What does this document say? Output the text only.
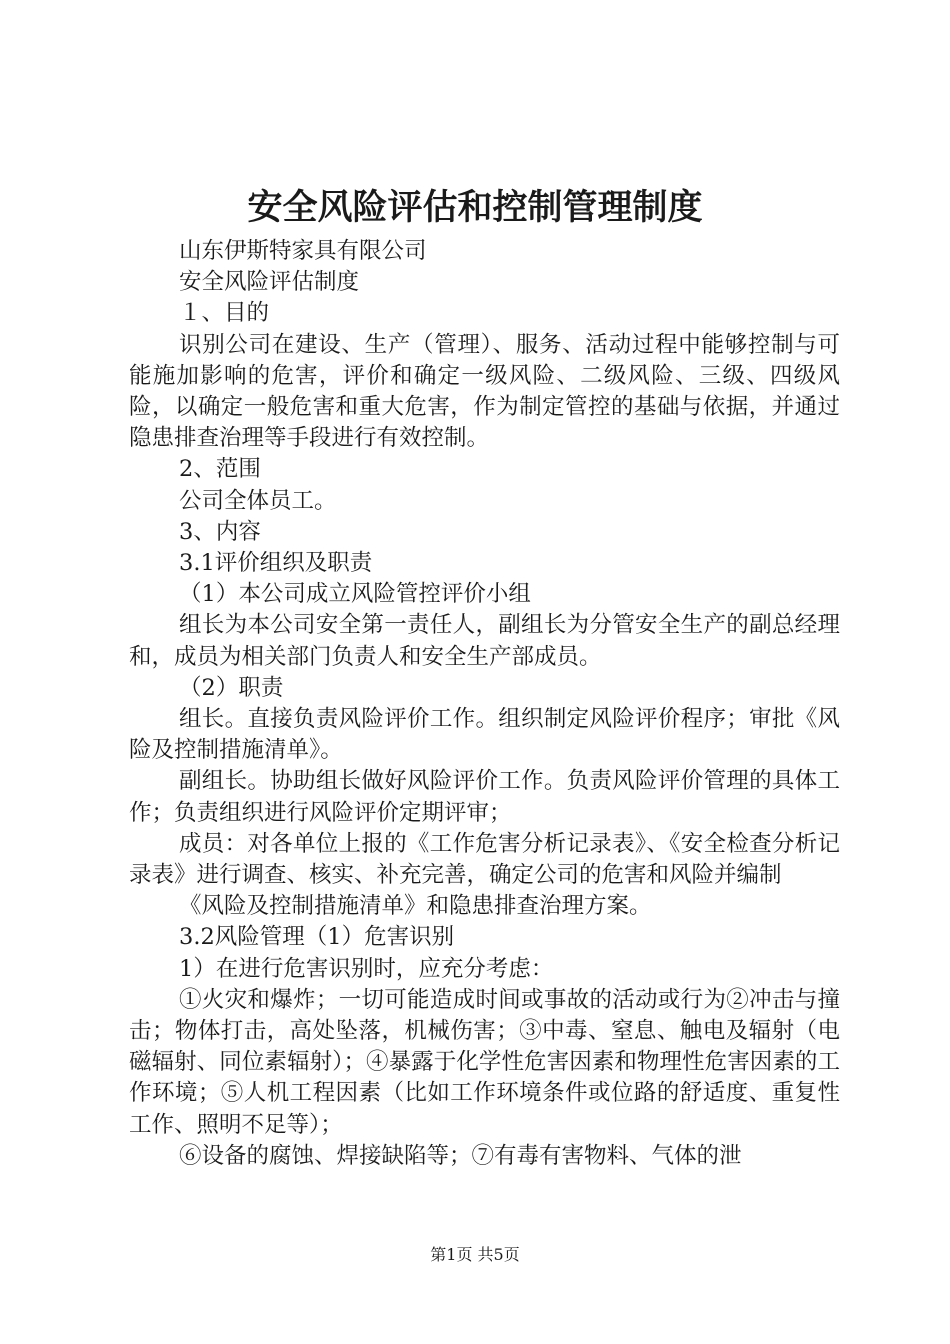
安全风险评估和控制管理制度

山东伊斯特家具有限公司

安全风险评估制度

１、目的

识别公司在建设、生产（管理）、服务、活动过程中能够控制与可能施加影响的危害，评价和确定一级风险、二级风险、三级、四级风险，以确定一般危害和重大危害，作为制定管控的基础与依据，并通过隐患排查治理等手段进行有效控制。

2、范围

公司全体员工。

3、内容

3.1评价组织及职责

（1）本公司成立风险管控评价小组

组长为本公司安全第一责任人，副组长为分管安全生产的副总经理和，成员为相关部门负责人和安全生产部成员。

（2）职责

组长。直接负责风险评价工作。组织制定风险评价程序；审批《风险及控制措施清单》。

副组长。协助组长做好风险评价工作。负责风险评价管理的具体工作；负责组织进行风险评价定期评审；

成员：对各单位上报的《工作危害分析记录表》、《安全检查分析记录表》进行调查、核实、补充完善，确定公司的危害和风险并编制

《风险及控制措施清单》和隐患排查治理方案。

3.2风险管理（1）危害识别

1）在进行危害识别时，应充分考虑：

①火灾和爆炸；一切可能造成时间或事故的活动或行为②冲击与撞击；物体打击，高处坠落，机械伤害；③中毒、窒息、触电及辐射（电磁辐射、同位素辐射）；④暴露于化学性危害因素和物理性危害因素的工作环境；⑤人机工程因素（比如工作环境条件或位路的舒适度、重复性工作、照明不足等）；

⑥设备的腐蚀、焊接缺陷等；⑦有毒有害物料、气体的泄

第1页 共5页
